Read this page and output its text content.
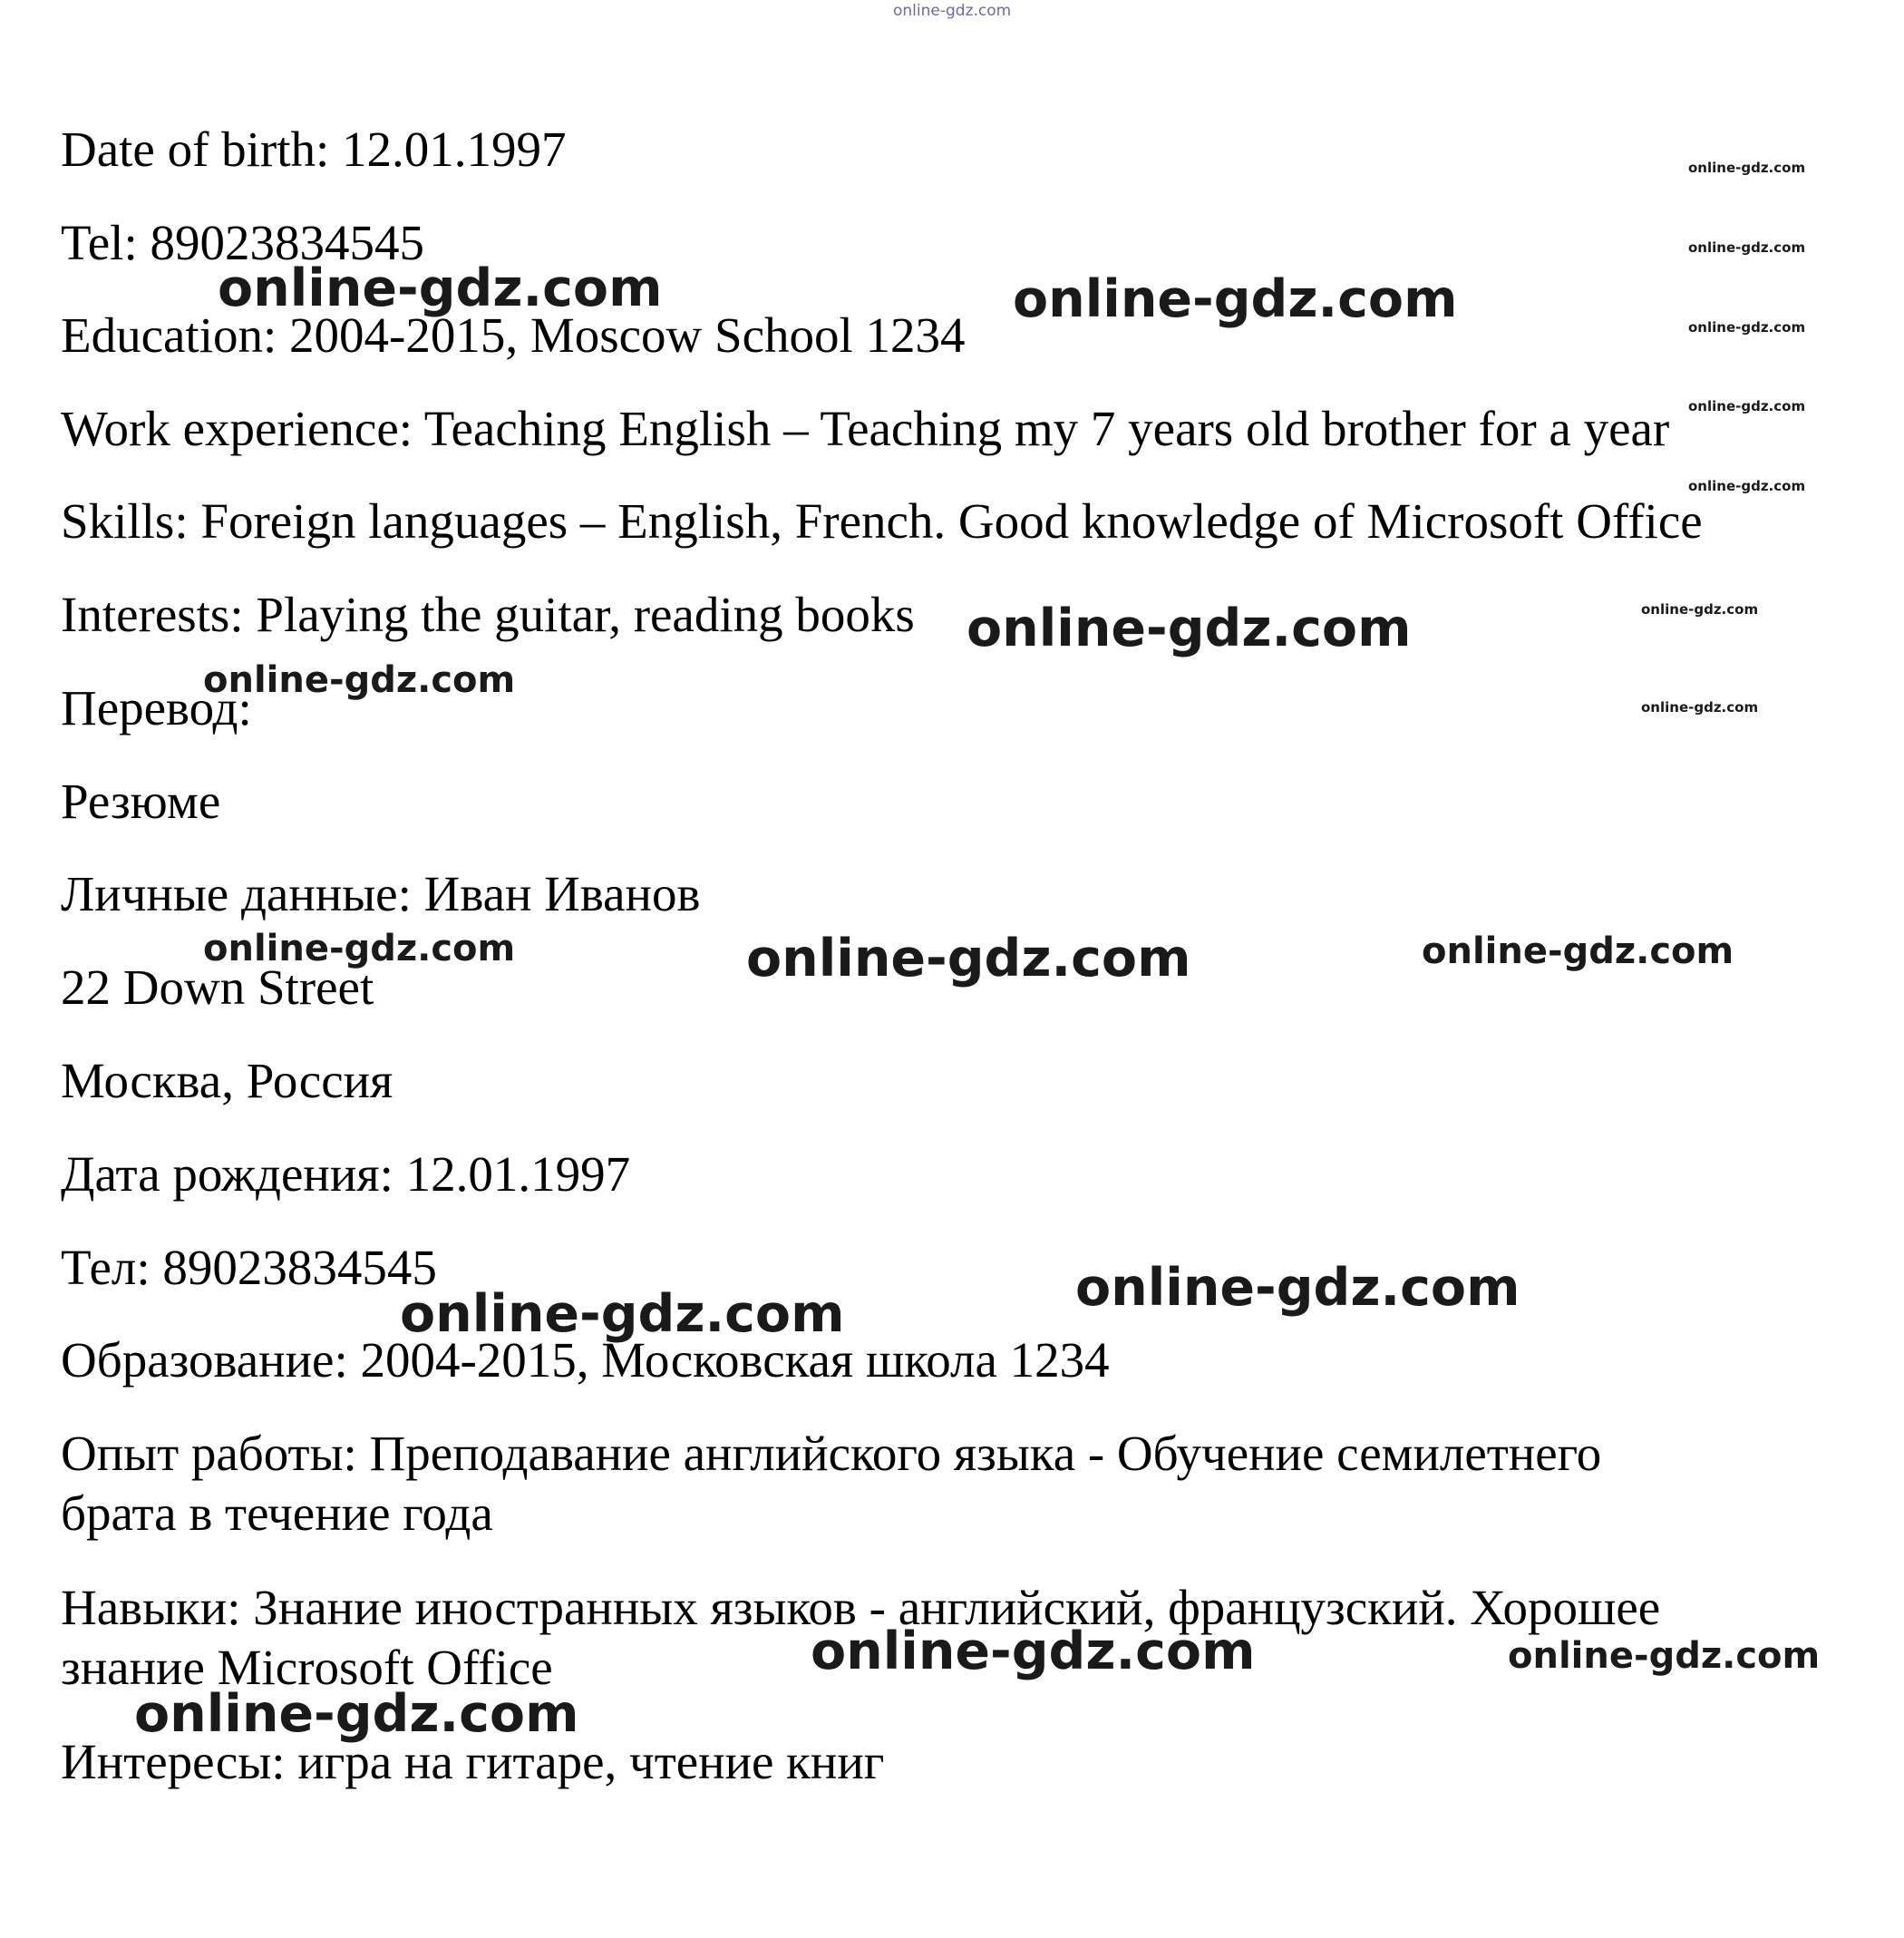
online-gdz.com

Date of birth: 12.01.1997

Tel: 89023834545

Education: 2004-2015, Moscow School 1234

Work experience: Teaching English – Teaching my 7 years old brother for a year

Skills: Foreign languages – English, French. Good knowledge of Microsoft Office

Interests: Playing the guitar, reading books

Перевод:

Резюме

Личные данные: Иван Иванов

22 Down Street

Москва, Россия

Дата рождения: 12.01.1997

Тел: 89023834545

Образование: 2004-2015, Московская школа 1234

Опыт работы: Преподавание английского языка - Обучение семилетнего

брата в течение года

Навыки: Знание иностранных языков - английский, французский. Хорошее

знание Microsoft Office

Интересы: игра на гитаре, чтение книг

online-gdz.com	online-gdz.com
online-gdz.com
online-gdz.com
online-gdz.com
online-gdz.com
online-gdz.com
online-gdz.com
online-gdz.com
online-gdz.com	online-gdz.com
online-gdz.com
online-gdz.com
online-gdz.com
online-gdz.com
online-gdz.com
online-gdz.com
online-gdz.com
online-gdz.com
